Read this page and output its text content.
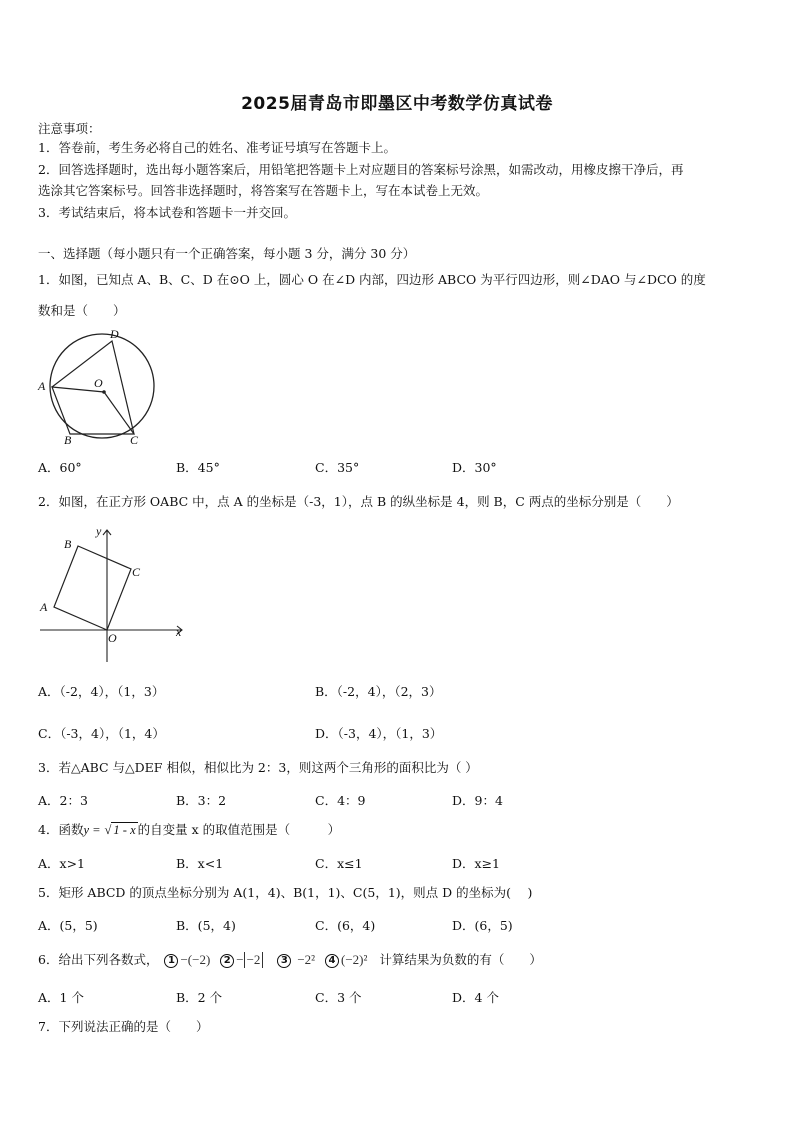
2025届青岛市即墨区中考数学仿真试卷
注意事项：
1．答卷前，考生务必将自己的姓名、准考证号填写在答题卡上。
2．回答选择题时，选出每小题答案后，用铅笔把答题卡上对应题目的答案标号涂黑，如需改动，用橡皮擦干净后，再
选涂其它答案标号。回答非选择题时，将答案写在答题卡上，写在本试卷上无效。
3．考试结束后，将本试卷和答题卡一并交回。
一、选择题（每小题只有一个正确答案，每小题 3 分，满分 30 分）
1．如图，已知点 A、B、C、D 在⊙O 上，圆心 O 在∠D 内部，四边形 ABCO 为平行四边形，则∠DAO 与∠DCO 的度
数和是（　　）
D
A	O
B	C
A．60°	B．45°	C．35°	D．30°
2．如图，在正方形 OABC 中，点 A 的坐标是（-3，1），点 B 的纵坐标是 4，则 B，C 两点的坐标分别是（　　）
y
B
C
A
O	x
A．（-2，4），（1，3）	B．（-2，4），（2，3）
C．（-3，4），（1，4）	D．（-3，4），（1，3）
3．若△ABC 与△DEF 相似，相似比为 2：3，则这两个三角形的面积比为（ ）
A．2：3	B．3：2	C．4：9	D．9：4
4．函数y = √ 1 - x 的自变量 x 的取值范围是（　　　）
A．x>1	B．x<1	C．x≤1	D．x≥1
5．矩形 ABCD 的顶点坐标分别为 A(1，4)、B(1，1)、C(5，1)，则点 D 的坐标为(　 )
A．(5，5)	B．(5，4)	C．(6，4)	D．(6，5)
6．给出下列各数式， 1 −(−2) 2 − −2 3 −2² 4 (−2)² 计算结果为负数的有（　　）
A．1 个	B．2 个	C．3 个	D．4 个
7．下列说法正确的是（　　）
